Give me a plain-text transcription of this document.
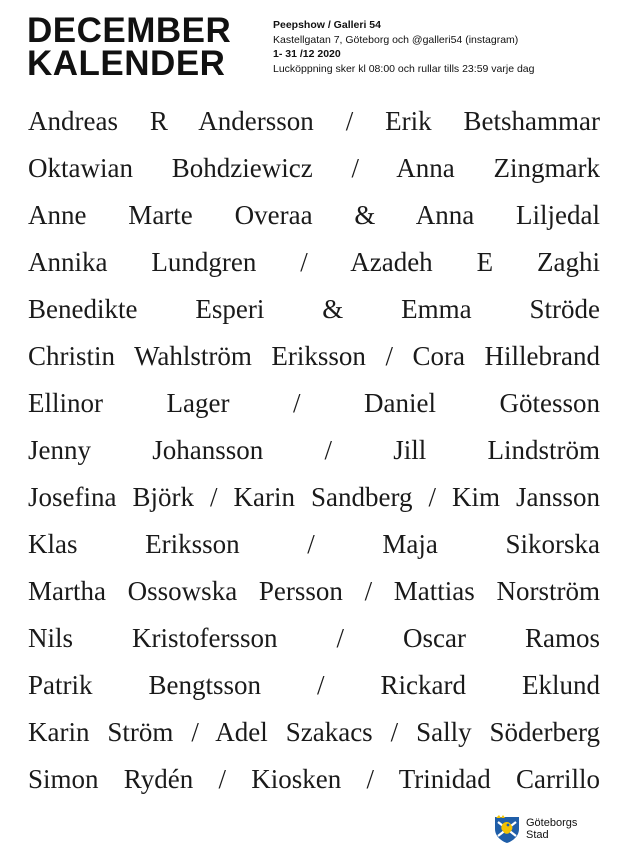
DECEMBER
KALENDER
Peepshow / Galleri 54
Kastellgatan 7, Göteborg och @galleri54 (instagram)
1- 31 /12 2020
Lucköppning sker kl 08:00 och rullar tills 23:59 varje dag
Andreas R Andersson / Erik Betshammar
Oktawian Bohdziewicz / Anna Zingmark
Anne Marte Overaa & Anna Liljedal
Annika Lundgren / Azadeh E Zaghi
Benedikte Esperi & Emma Ströde
Christin Wahlström Eriksson / Cora Hillebrand
Ellinor Lager / Daniel Götesson
Jenny Johansson / Jill Lindström
Josefina Björk / Karin Sandberg / Kim Jansson
Klas Eriksson / Maja Sikorska
Martha Ossowska Persson / Mattias Norström
Nils Kristofersson / Oscar Ramos
Patrik Bengtsson / Rickard Eklund
Karin Ström / Adel Szakacs / Sally Söderberg
Simon Rydén / Kiosken / Trinidad Carrillo
Göteborgs
Stad
